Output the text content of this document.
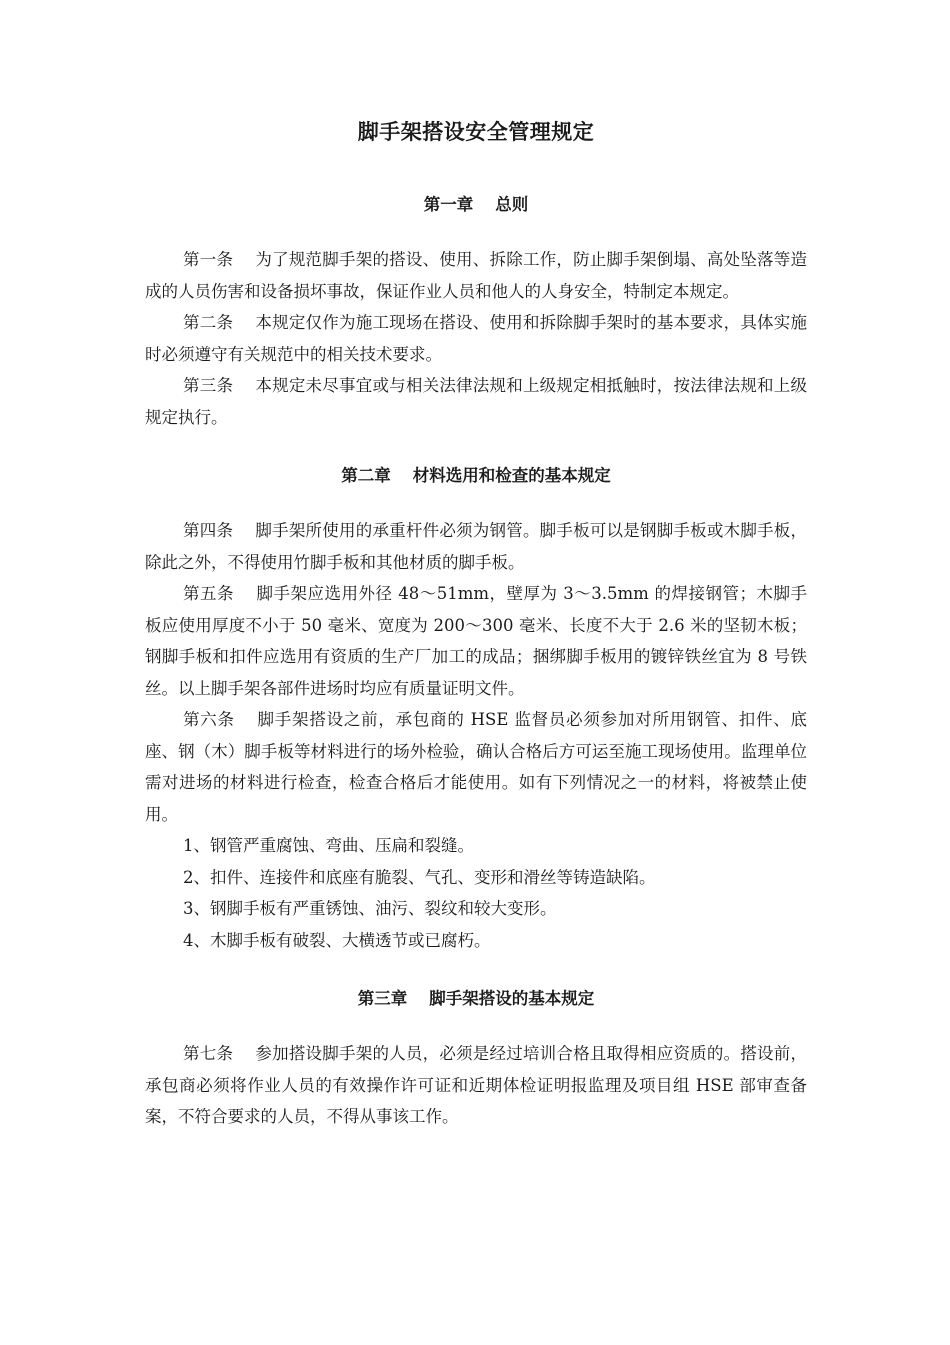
脚手架搭设安全管理规定
第一章 总则

第一条 为了规范脚手架的搭设、使用、拆除工作，防止脚手架倒塌、高处坠落等造成的人员伤害和设备损坏事故，保证作业人员和他人的人身安全，特制定本规定。

第二条 本规定仅作为施工现场在搭设、使用和拆除脚手架时的基本要求，具体实施时必须遵守有关规范中的相关技术要求。

第三条 本规定未尽事宜或与相关法律法规和上级规定相抵触时，按法律法规和上级规定执行。

第二章 材料选用和检查的基本规定

第四条 脚手架所使用的承重杆件必须为钢管。脚手板可以是钢脚手板或木脚手板，除此之外，不得使用竹脚手板和其他材质的脚手板。

第五条 脚手架应选用外径 48～51mm，壁厚为 3～3.5mm 的焊接钢管；木脚手板应使用厚度不小于 50 毫米、宽度为 200～300 毫米、长度不大于 2.6 米的坚韧木板；钢脚手板和扣件应选用有资质的生产厂加工的成品；捆绑脚手板用的镀锌铁丝宜为 8 号铁丝。以上脚手架各部件进场时均应有质量证明文件。

第六条 脚手架搭设之前，承包商的 HSE 监督员必须参加对所用钢管、扣件、底座、钢（木）脚手板等材料进行的场外检验，确认合格后方可运至施工现场使用。监理单位需对进场的材料进行检查，检查合格后才能使用。如有下列情况之一的材料，将被禁止使用。

1、钢管严重腐蚀、弯曲、压扁和裂缝。

2、扣件、连接件和底座有脆裂、气孔、变形和滑丝等铸造缺陷。

3、钢脚手板有严重锈蚀、油污、裂纹和较大变形。

4、木脚手板有破裂、大横透节或已腐朽。

第三章 脚手架搭设的基本规定

第七条 参加搭设脚手架的人员，必须是经过培训合格且取得相应资质的。搭设前，承包商必须将作业人员的有效操作许可证和近期体检证明报监理及项目组 HSE 部审查备案，不符合要求的人员，不得从事该工作。
